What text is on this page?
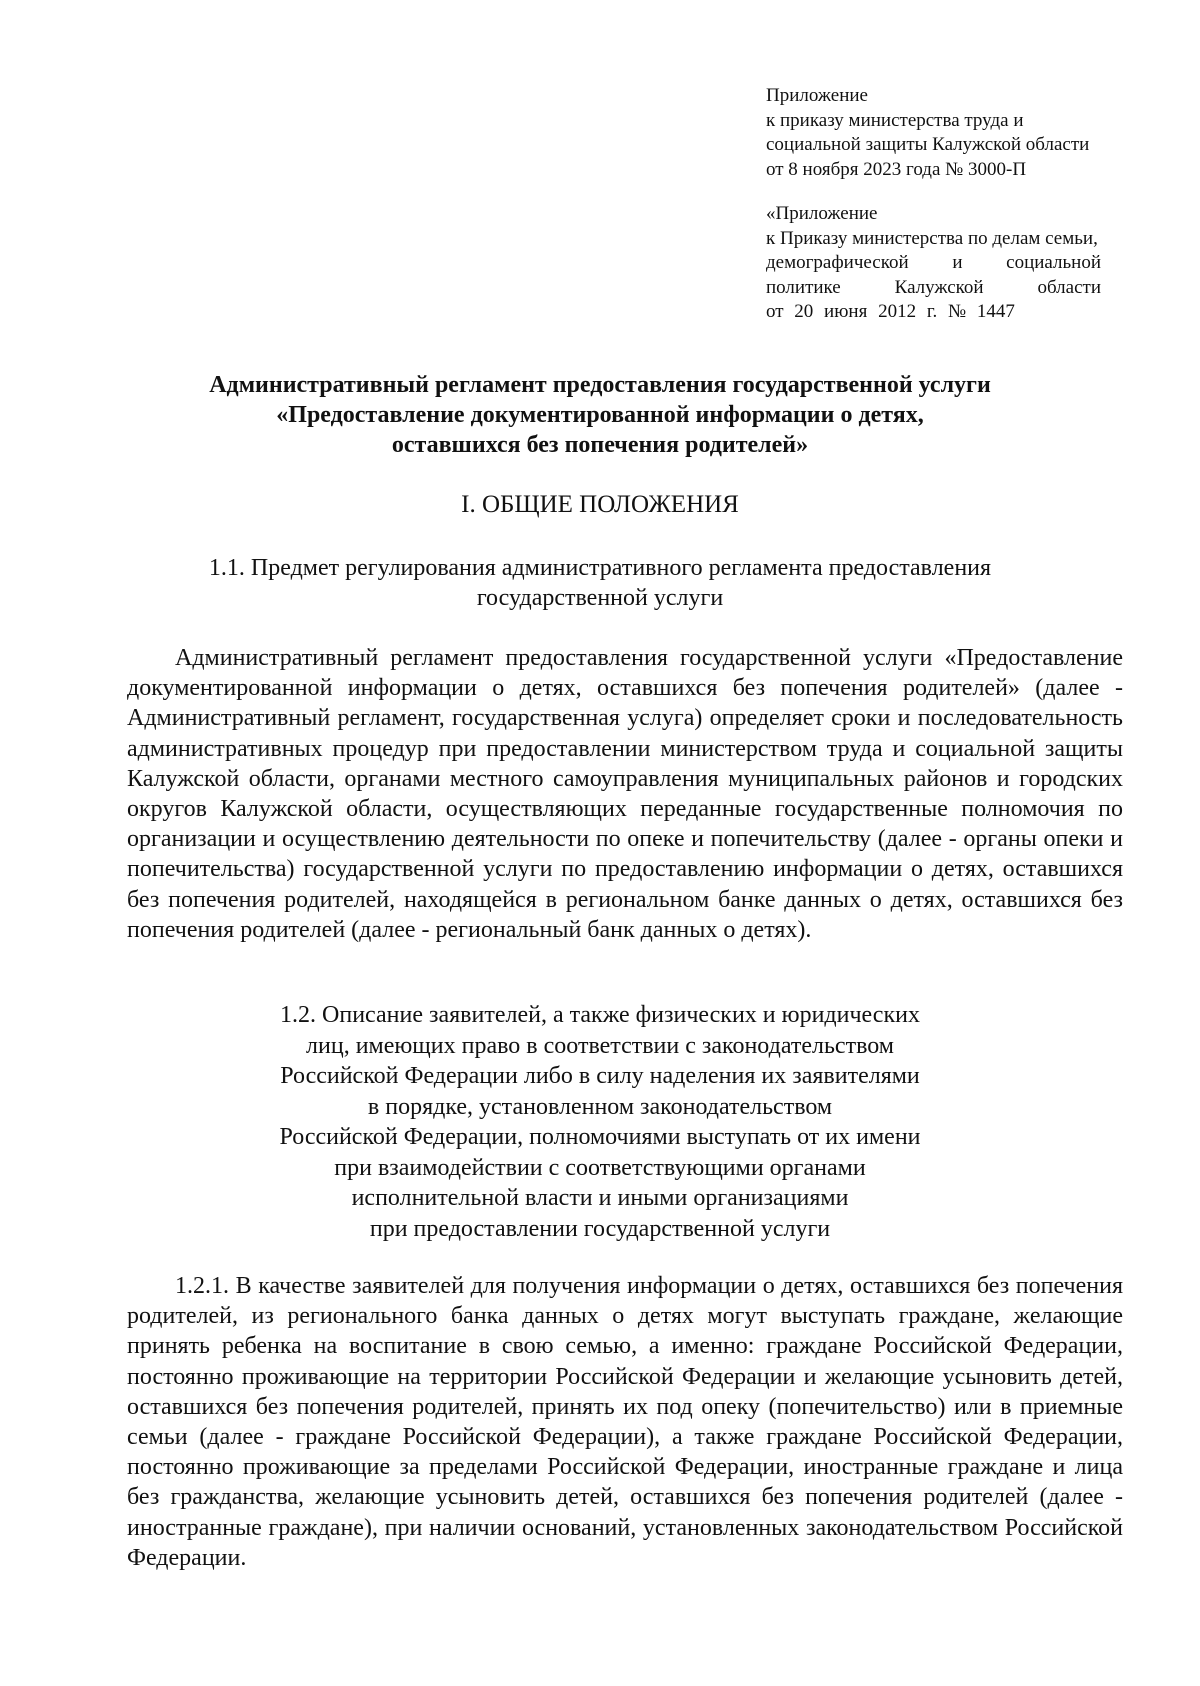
Приложение
к приказу министерства труда и
социальной защиты Калужской области
от 8 ноября 2023 года № 3000-П
«Приложение
к Приказу министерства по делам семьи,
демографической и социальной
политике Калужской области
от 20 июня 2012 г. № 1447
Административный регламент предоставления государственной услуги
«Предоставление документированной информации о детях,
оставшихся без попечения родителей»
I. ОБЩИЕ ПОЛОЖЕНИЯ
1.1. Предмет регулирования административного регламента предоставления
государственной услуги

Административный регламент предоставления государственной услуги «Предоставление документированной информации о детях, оставшихся без попечения родителей» (далее - Административный регламент, государственная услуга) определяет сроки и последовательность административных процедур при предоставлении министерством труда и социальной защиты Калужской области, органами местного самоуправления муниципальных районов и городских округов Калужской области, осуществляющих переданные государственные полномочия по организации и осуществлению деятельности по опеке и попечительству (далее - органы опеки и попечительства) государственной услуги по предоставлению информации о детях, оставшихся без попечения родителей, находящейся в региональном банке данных о детях, оставшихся без попечения родителей (далее - региональный банк данных о детях).

1.2. Описание заявителей, а также физических и юридических
лиц, имеющих право в соответствии с законодательством
Российской Федерации либо в силу наделения их заявителями
в порядке, установленном законодательством
Российской Федерации, полномочиями выступать от их имени
при взаимодействии с соответствующими органами
исполнительной власти и иными организациями
при предоставлении государственной услуги

1.2.1. В качестве заявителей для получения информации о детях, оставшихся без попечения родителей, из регионального банка данных о детях могут выступать граждане, желающие принять ребенка на воспитание в свою семью, а именно: граждане Российской Федерации, постоянно проживающие на территории Российской Федерации и желающие усыновить детей, оставшихся без попечения родителей, принять их под опеку (попечительство) или в приемные семьи (далее - граждане Российской Федерации), а также граждане Российской Федерации, постоянно проживающие за пределами Российской Федерации, иностранные граждане и лица без гражданства, желающие усыновить детей, оставшихся без попечения родителей (далее - иностранные граждане), при наличии оснований, установленных законодательством Российской Федерации.
